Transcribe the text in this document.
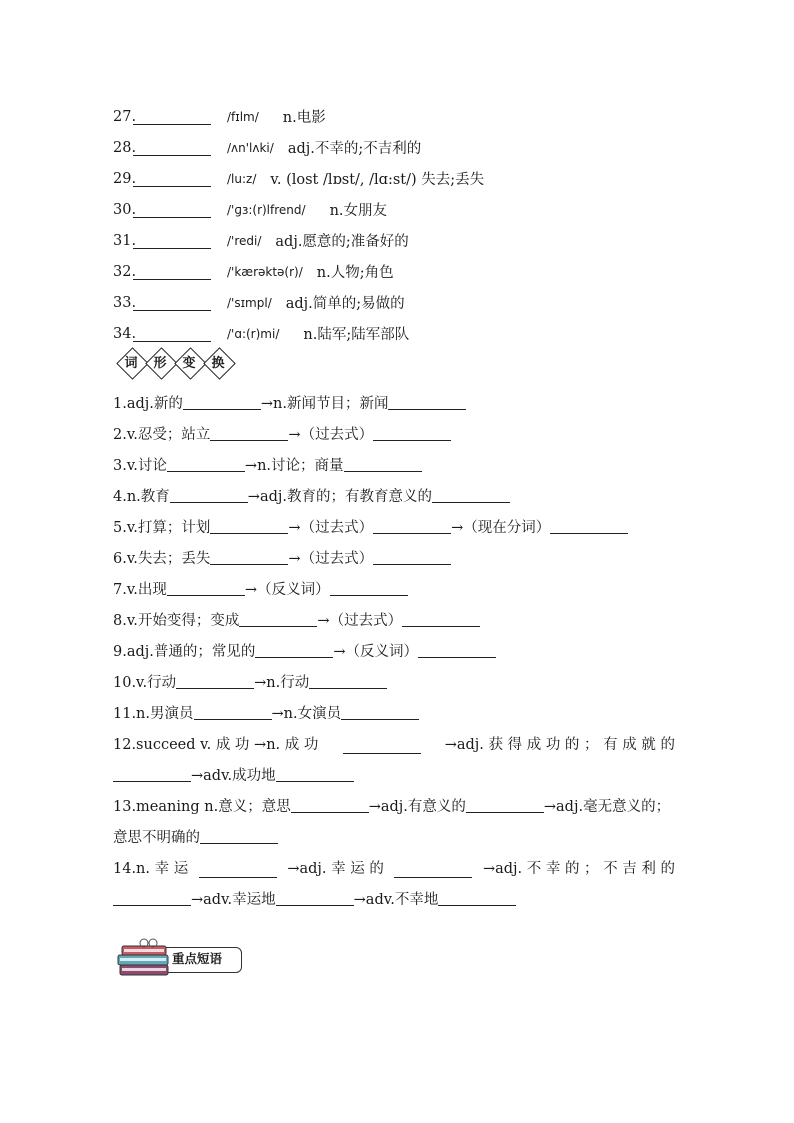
27.	/fɪlm/ n.电影
28.	/ʌn'lʌki/ adj.不幸的;不吉利的
29.	/lu:z/ v. (lost /lɒst/, /lɑ:st/) 失去;丢失
30.	/'ɡɜ:(r)lfrend/ n.女朋友
31.	/'redi/ adj.愿意的;准备好的
32.	/'kærəktə(r)/ n.人物;角色
33.	/'sɪmpl/ adj.简单的;易做的
34.	/'ɑ:(r)mi/ n.陆军;陆军部队
词	形	变	换
1.adj.新的	→n.新闻节目；新闻
2.v.忍受；站立	→（过去式）
3.v.讨论	→n.讨论；商量
4.n.教育	→adj.教育的；有教育意义的
5.v.打算；计划	→（过去式）	→（现在分词）
6.v.失去；丢失	→（过去式）
7.v.出现	→（反义词）
8.v.开始变得；变成	→（过去式）
9.adj.普通的；常见的	→（反义词）
10.v.行动	→n.行动
11.n.男演员	→n.女演员
12.succeed v. 成 功 →n. 成 功	→adj. 获 得 成 功 的 ； 有 成 就 的
→adv.成功地
13.meaning n.意义；意思	→adj.有意义的	→adj.毫无意义的；
意思不明确的
14.n. 幸 运	→adj. 幸 运 的	→adj. 不 幸 的 ； 不 吉 利 的
→adv.幸运地	→adv.不幸地
重点短语
